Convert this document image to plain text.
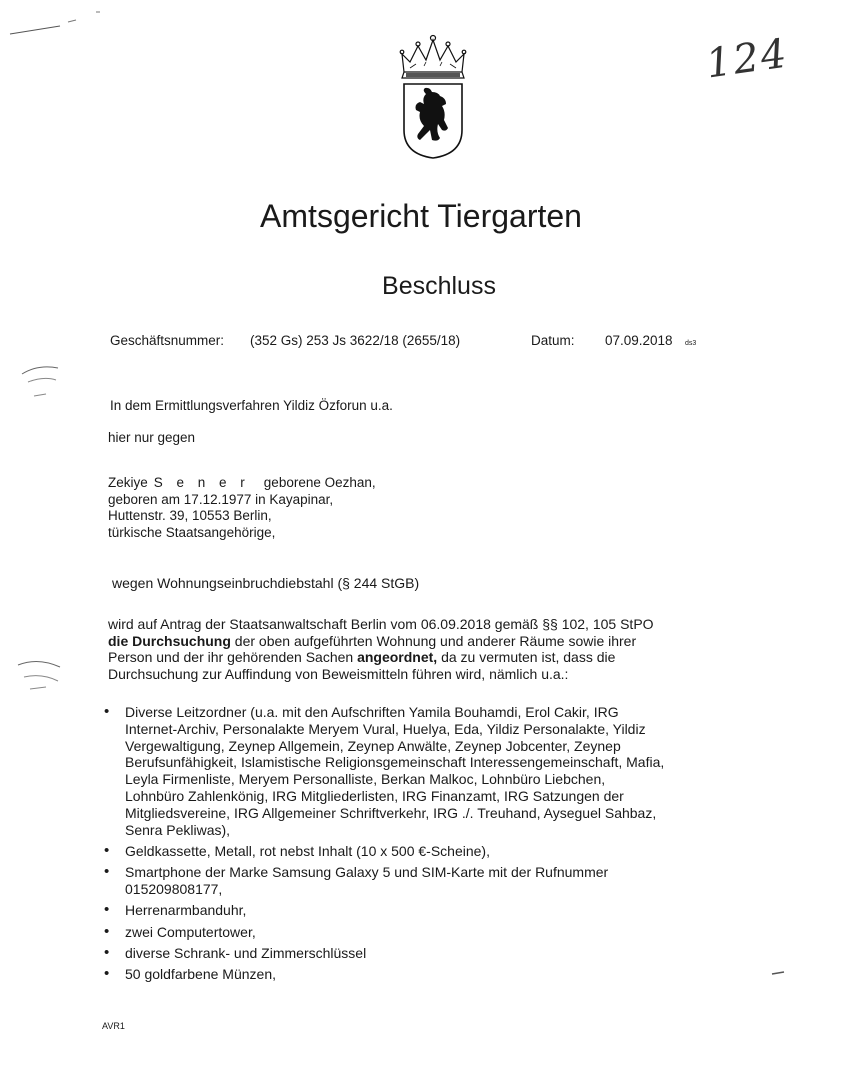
124
Amtsgericht Tiergarten
Beschluss
Geschäftsnummer: (352 Gs) 253 Js 3622/18 (2655/18)	Datum: 07.09.2018 ds3
In dem Ermittlungsverfahren Yildiz Özforun u.a.
hier nur gegen
Zekiye S e n e r geborene Oezhan,
geboren am 17.12.1977 in Kayapinar,
Huttenstr. 39, 10553 Berlin,
türkische Staatsangehörige,
wegen Wohnungseinbruchdiebstahl (§ 244 StGB)
wird auf Antrag der Staatsanwaltschaft Berlin vom 06.09.2018 gemäß §§ 102, 105 StPO
die Durchsuchung der oben aufgeführten Wohnung und anderer Räume sowie ihrer
Person und der ihr gehörenden Sachen angeordnet, da zu vermuten ist, dass die
Durchsuchung zur Auffindung von Beweismitteln führen wird, nämlich u.a.:
• Diverse Leitzordner (u.a. mit den Aufschriften Yamila Bouhamdi, Erol Cakir, IRG
Internet-Archiv, Personalakte Meryem Vural, Huelya, Eda, Yildiz Personalakte, Yildiz
Vergewaltigung, Zeynep Allgemein, Zeynep Anwälte, Zeynep Jobcenter, Zeynep
Berufsunfähigkeit, Islamistische Religionsgemeinschaft Interessengemeinschaft, Mafia,
Leyla Firmenliste, Meryem Personalliste, Berkan Malkoc, Lohnbüro Liebchen,
Lohnbüro Zahlenkönig, IRG Mitgliederlisten, IRG Finanzamt, IRG Satzungen der
Mitgliedsvereine, IRG Allgemeiner Schriftverkehr, IRG ./. Treuhand, Ayseguel Sahbaz,
Senra Pekliwas),
• Geldkassette, Metall, rot nebst Inhalt (10 x 500 €-Scheine),
• Smartphone der Marke Samsung Galaxy 5 und SIM-Karte mit der Rufnummer
015209808177,
• Herrenarmbanduhr,
• zwei Computertower,
• diverse Schrank- und Zimmerschlüssel
• 50 goldfarbene Münzen,
AVR1
